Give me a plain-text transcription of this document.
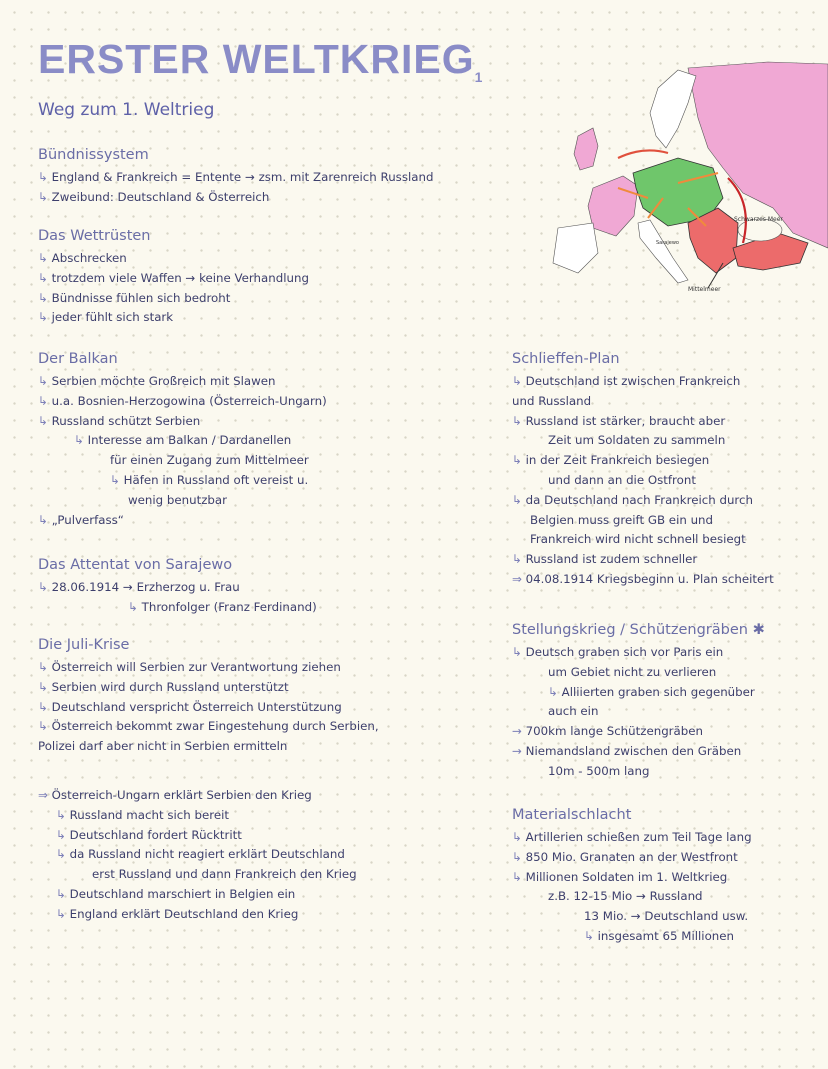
ERSTER $WELTKRIEG_1$
Weg zum 1. Weltrieg
Bündnissystem
↳ England & Frankreich = Entente → zsm. mit Zarenreich Russland
↳ Zweibund: Deutschland & Österreich
Das Wettrüsten
↳ Abschrecken
↳ trotzdem viele Waffen → keine Verhandlung
↳ Bündnisse fühlen sich bedroht
↳ jeder fühlt sich stark
Der Balkan
↳ Serbien möchte Großreich mit Slawen
↳ u.a. Bosnien-Herzogowina (Österreich-Ungarn)
↳ Russland schützt Serbien
↳ Interesse am Balkan / Dardanellen
für einen Zugang zum Mittelmeer
↳ Häfen in Russland oft vereist u.
wenig benutzbar
↳ „Pulverfass“
Das Attentat von Sarajewo
↳ 28.06.1914 → Erzherzog u. Frau
↳ Thronfolger (Franz Ferdinand)
Die Juli-Krise
↳ Österreich will Serbien zur Verantwortung ziehen
↳ Serbien wird durch Russland unterstützt
↳ Deutschland verspricht Österreich Unterstützung
↳ Österreich bekommt zwar Eingestehung durch Serbien,
Polizei darf aber nicht in Serbien ermitteln
⇒ Österreich-Ungarn erklärt Serbien den Krieg
↳ Russland macht sich bereit
↳ Deutschland fordert Rücktritt
↳ da Russland nicht reagiert erklärt Deutschland
erst Russland und dann Frankreich den Krieg
↳ Deutschland marschiert in Belgien ein
↳ England erklärt Deutschland den Krieg
Schwarzes Meer
Sarajewo
Mittelmeer
Schlieffen-Plan
↳ Deutschland ist zwischen Frankreich
und Russland
↳ Russland ist stärker, braucht aber
Zeit um Soldaten zu sammeln
↳ in der Zeit Frankreich besiegen
und dann an die Ostfront
↳ da Deutschland nach Frankreich durch
Belgien muss greift GB ein und
Frankreich wird nicht schnell besiegt
↳ Russland ist zudem schneller
⇒ 04.08.1914 Kriegsbeginn u. Plan scheitert
Stellungskrieg / Schützengräben ✱
↳ Deutsch graben sich vor Paris ein
um Gebiet nicht zu verlieren
↳ Alliierten graben sich gegenüber
auch ein
→ 700km lange Schützengräben
→ Niemandsland zwischen den Gräben
10m - 500m lang
Materialschlacht
↳ Artillerien schießen zum Teil Tage lang
↳ 850 Mio. Granaten an der Westfront
↳ Millionen Soldaten im 1. Weltkrieg
z.B. 12-15 Mio → Russland
13 Mio. → Deutschland usw.
↳ insgesamt 65 Millionen
